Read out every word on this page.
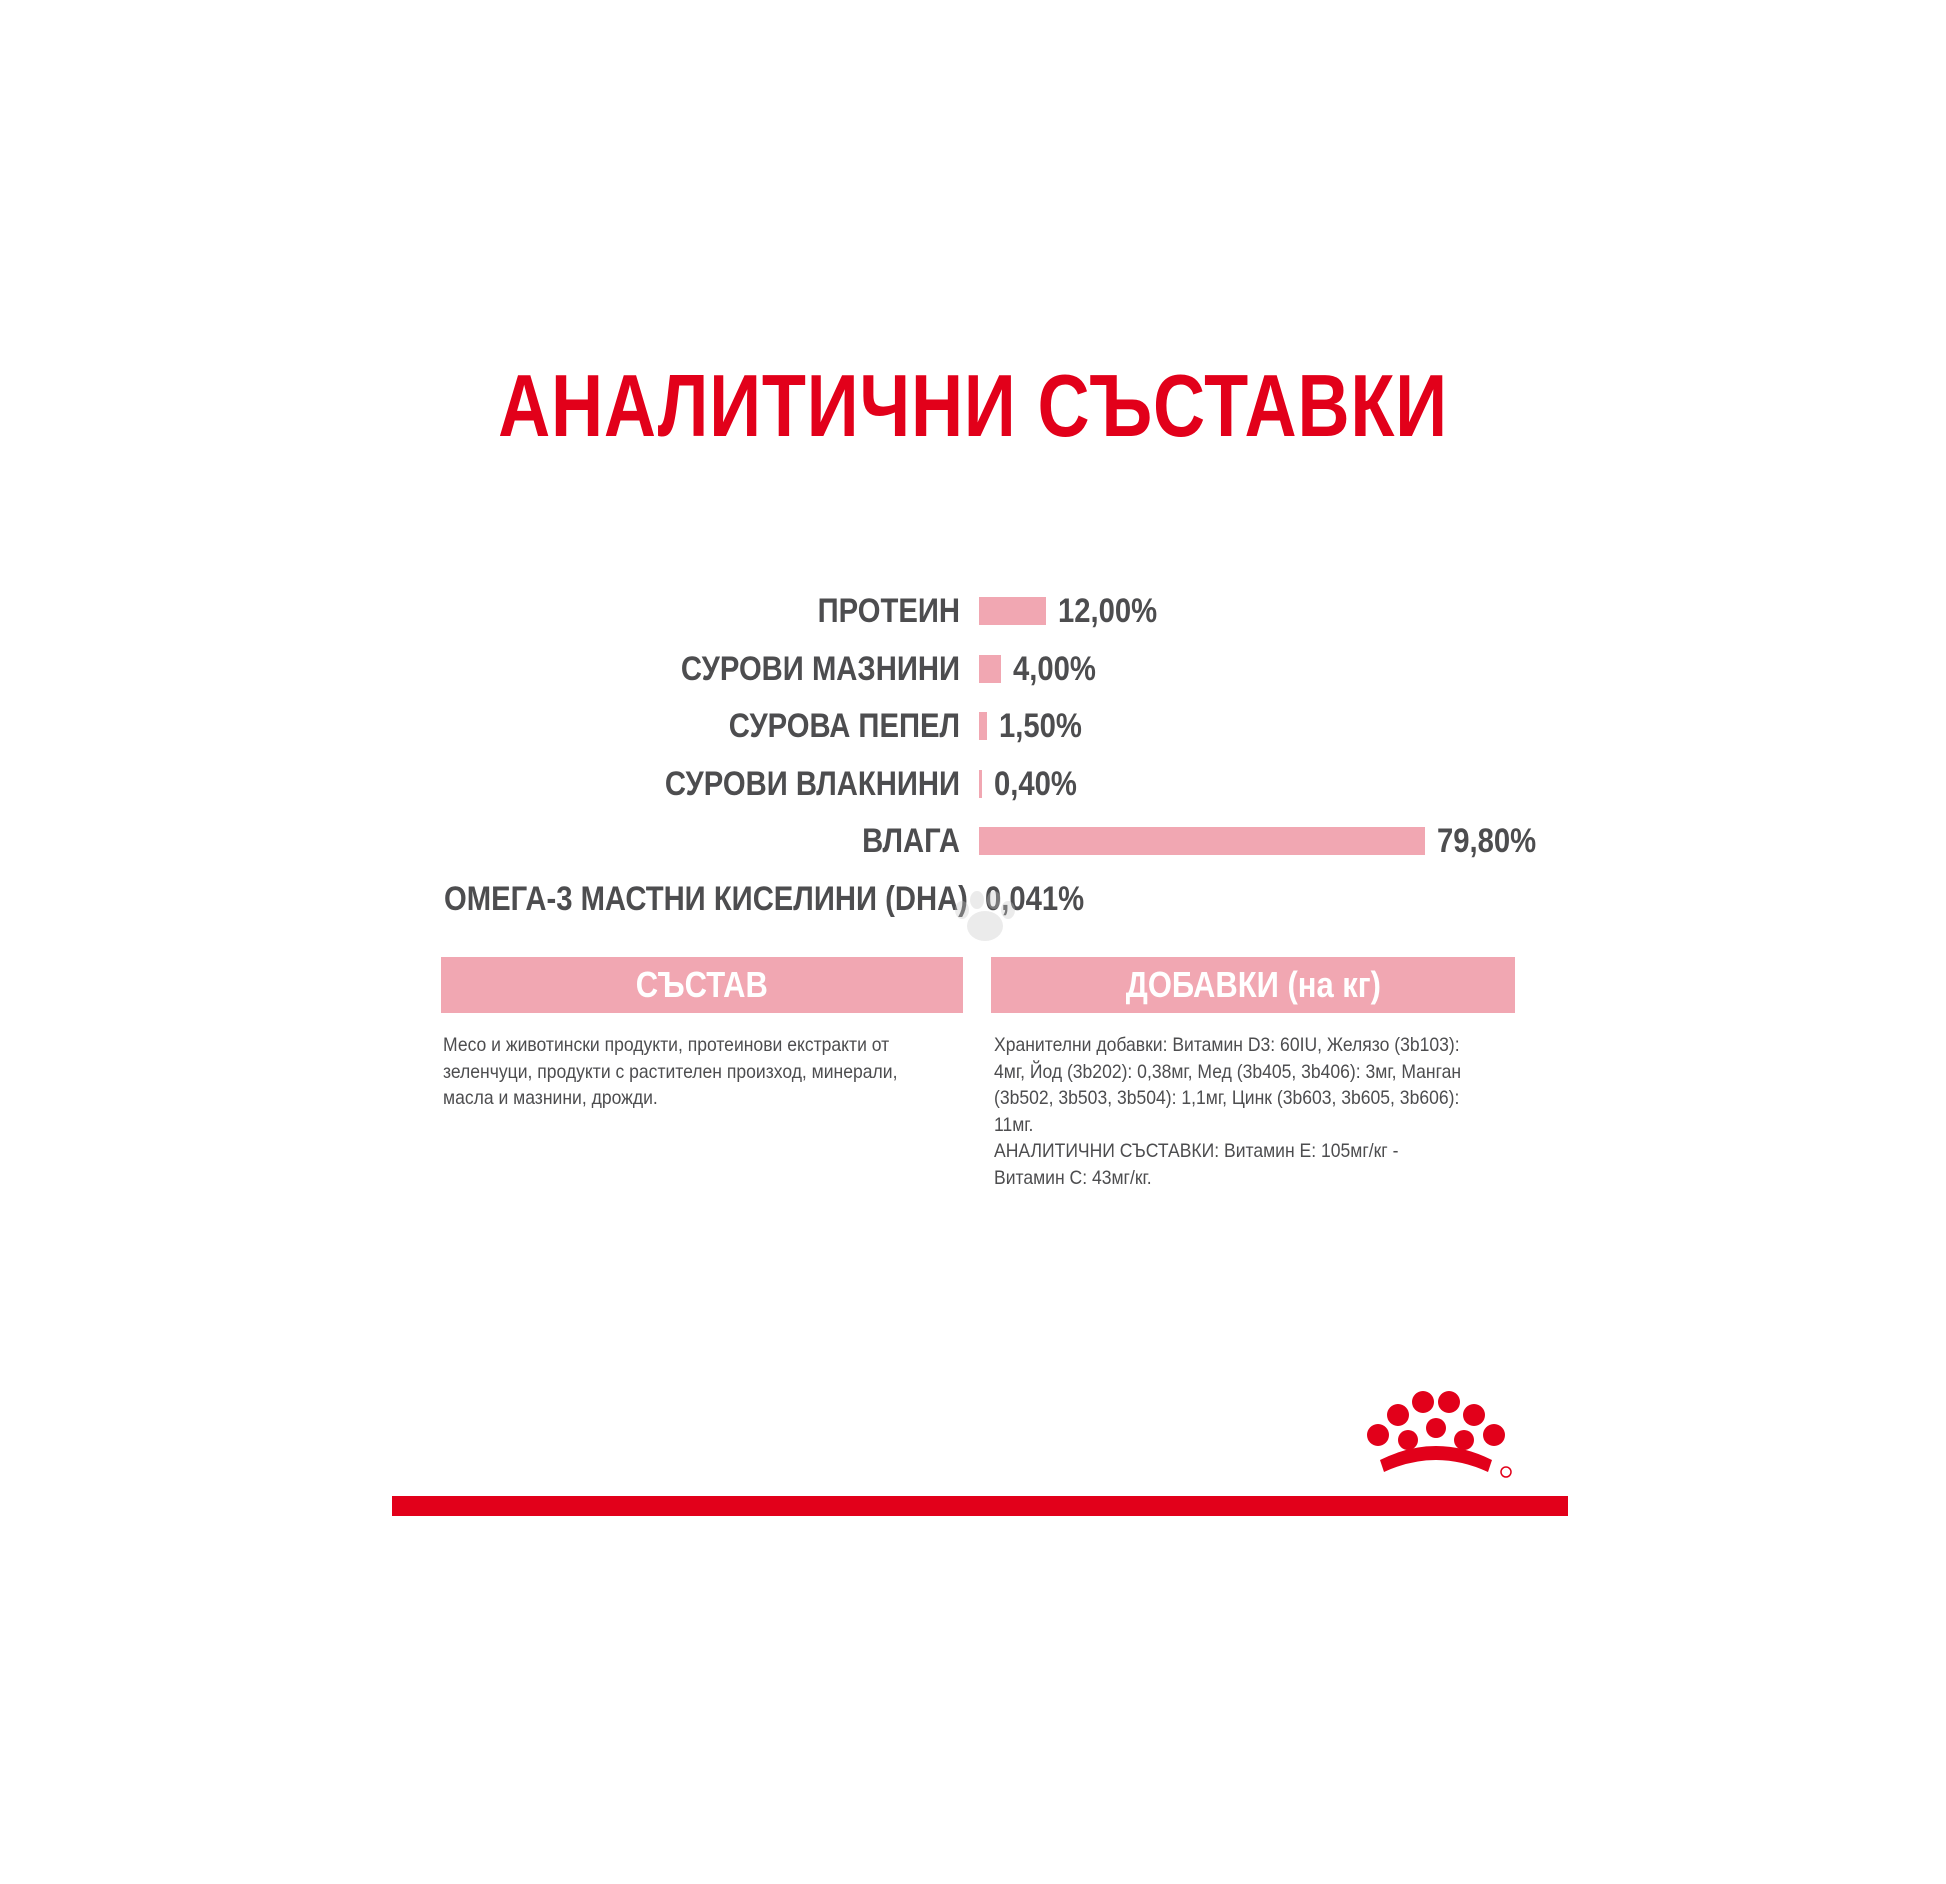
АНАЛИТИЧНИ СЪСТАВКИ
ПРОТЕИН	12,00%
СУРОВИ МАЗНИНИ 4,00%
СУРОВА ПЕПЕЛ 1,50%
СУРОВИ ВЛАКНИНИ 0,40%
ВЛАГА	79,80%
ОМЕГА-3 МАСТНИ КИСЕЛИНИ (DHA) 0,041%
СЪСТАВ	ДОБАВКИ (на кг)
Месо и животински продукти, протеинови екстракти от
зеленчуци, продукти с растителен произход, минерали,
масла и мазнини, дрожди.
Хранителни добавки: Витамин D3: 60IU, Желязо (3b103):
4мг, Йод (3b202): 0,38мг, Мед (3b405, 3b406): 3мг, Манган
(3b502, 3b503, 3b504): 1,1мг, Цинк (3b603, 3b605, 3b606):
11мг.
АНАЛИТИЧНИ СЪСТАВКИ: Витамин Е: 105мг/кг -
Витамин С: 43мг/кг.
